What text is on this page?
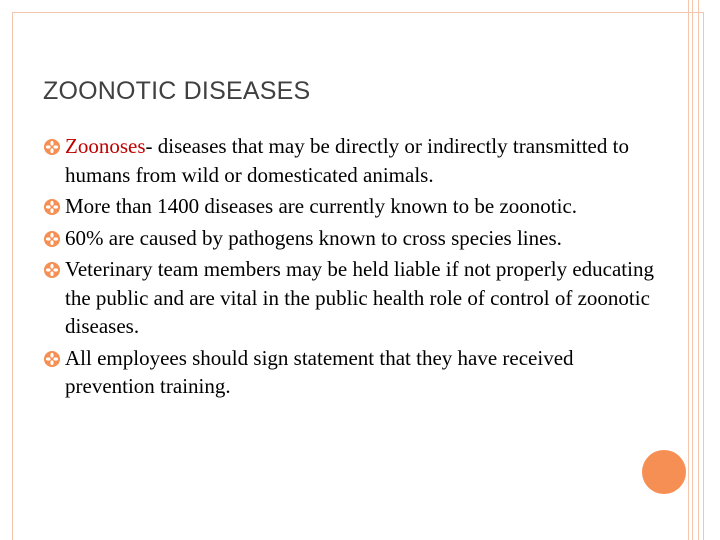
ZOONOTIC DISEASES
Zoonoses- diseases that may be directly or indirectly transmitted to humans from wild or domesticated animals.
More than 1400 diseases are currently known to be zoonotic.
60% are caused by pathogens known to cross species lines.
Veterinary team members may be held liable if not properly educating the public and are vital in the public health role of control of zoonotic diseases.
All employees should sign statement that they have received prevention training.
